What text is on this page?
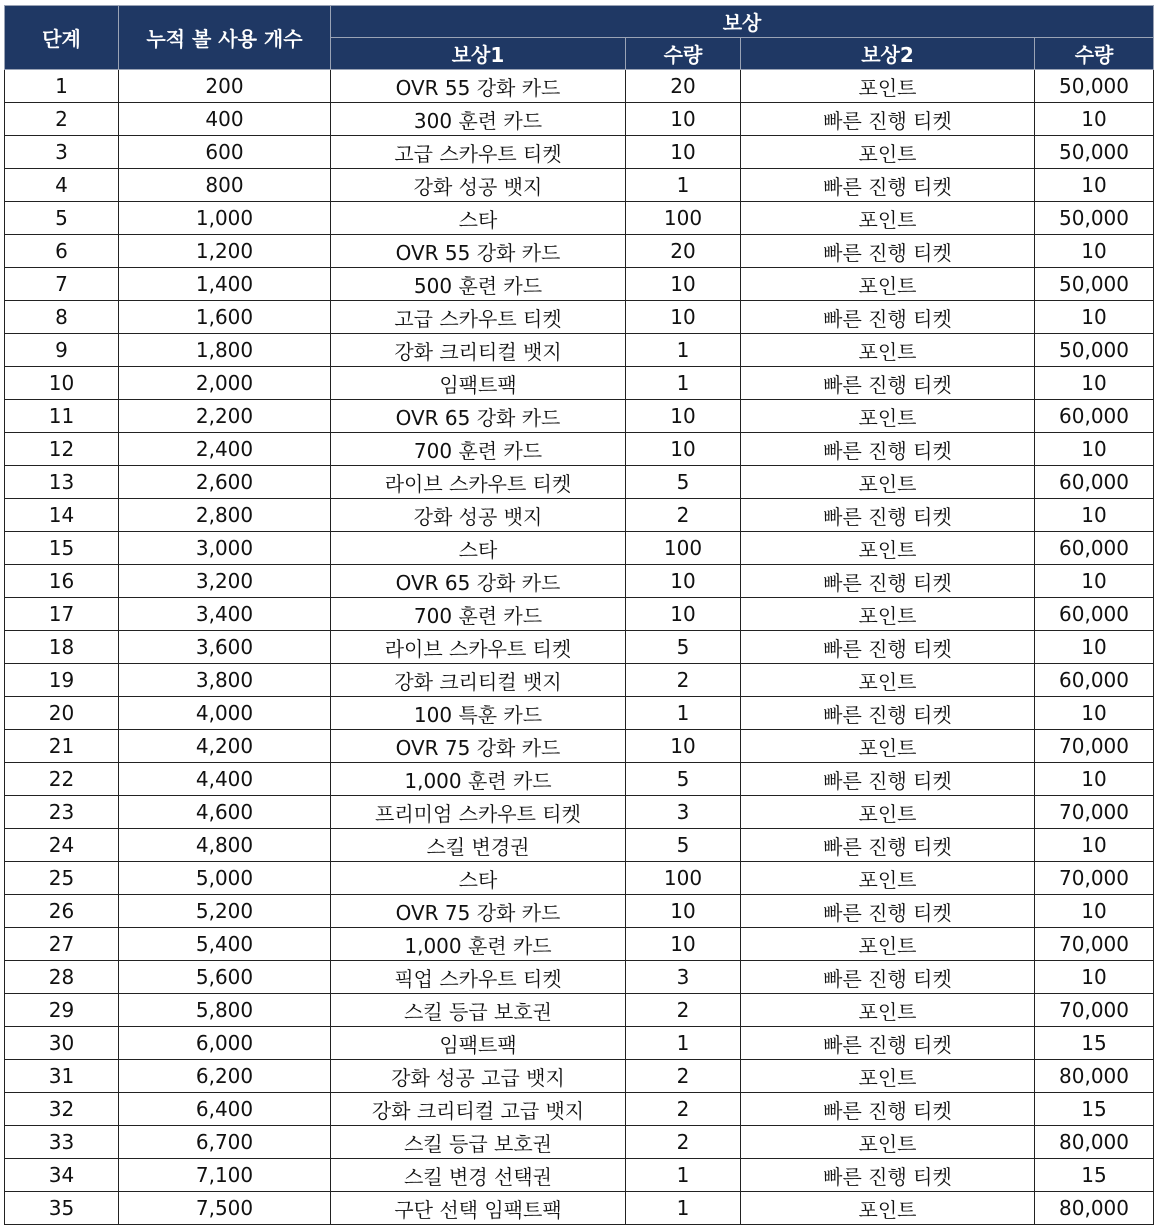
단계	누적 볼 사용 개수	보상			
		보상1	수량	보상2	수량
1	200	OVR 55 강화 카드	20	포인트	50,000
2	400	300 훈련 카드	10	빠른 진행 티켓	10
3	600	고급 스카우트 티켓	10	포인트	50,000
4	800	강화 성공 뱃지	1	빠른 진행 티켓	10
5	1,000	스타	100	포인트	50,000
6	1,200	OVR 55 강화 카드	20	빠른 진행 티켓	10
7	1,400	500 훈련 카드	10	포인트	50,000
8	1,600	고급 스카우트 티켓	10	빠른 진행 티켓	10
9	1,800	강화 크리티컬 뱃지	1	포인트	50,000
10	2,000	임팩트팩	1	빠른 진행 티켓	10
11	2,200	OVR 65 강화 카드	10	포인트	60,000
12	2,400	700 훈련 카드	10	빠른 진행 티켓	10
13	2,600	라이브 스카우트 티켓	5	포인트	60,000
14	2,800	강화 성공 뱃지	2	빠른 진행 티켓	10
15	3,000	스타	100	포인트	60,000
16	3,200	OVR 65 강화 카드	10	빠른 진행 티켓	10
17	3,400	700 훈련 카드	10	포인트	60,000
18	3,600	라이브 스카우트 티켓	5	빠른 진행 티켓	10
19	3,800	강화 크리티컬 뱃지	2	포인트	60,000
20	4,000	100 특훈 카드	1	빠른 진행 티켓	10
21	4,200	OVR 75 강화 카드	10	포인트	70,000
22	4,400	1,000 훈련 카드	5	빠른 진행 티켓	10
23	4,600	프리미엄 스카우트 티켓	3	포인트	70,000
24	4,800	스킬 변경권	5	빠른 진행 티켓	10
25	5,000	스타	100	포인트	70,000
26	5,200	OVR 75 강화 카드	10	빠른 진행 티켓	10
27	5,400	1,000 훈련 카드	10	포인트	70,000
28	5,600	픽업 스카우트 티켓	3	빠른 진행 티켓	10
29	5,800	스킬 등급 보호권	2	포인트	70,000
30	6,000	임팩트팩	1	빠른 진행 티켓	15
31	6,200	강화 성공 고급 뱃지	2	포인트	80,000
32	6,400	강화 크리티컬 고급 뱃지	2	빠른 진행 티켓	15
33	6,700	스킬 등급 보호권	2	포인트	80,000
34	7,100	스킬 변경 선택권	1	빠른 진행 티켓	15
35	7,500	구단 선택 임팩트팩	1	포인트	80,000
